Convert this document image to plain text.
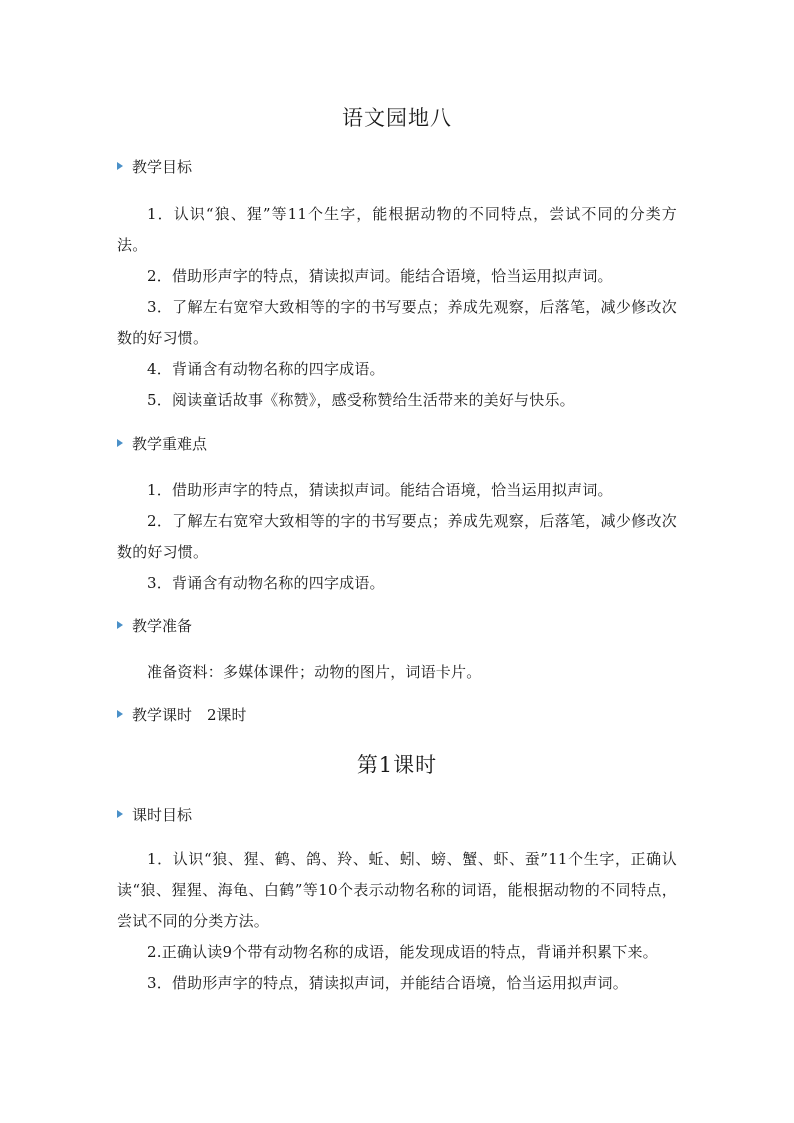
语文园地八
教学目标
1．认识“狼、猩”等11个生字，能根据动物的不同特点，尝试不同的分类方法。
2．借助形声字的特点，猜读拟声词。能结合语境，恰当运用拟声词。
3．了解左右宽窄大致相等的字的书写要点；养成先观察，后落笔，减少修改次数的好习惯。
4．背诵含有动物名称的四字成语。
5．阅读童话故事《称赞》，感受称赞给生活带来的美好与快乐。
教学重难点
1．借助形声字的特点，猜读拟声词。能结合语境，恰当运用拟声词。
2．了解左右宽窄大致相等的字的书写要点；养成先观察，后落笔，减少修改次数的好习惯。
3．背诵含有动物名称的四字成语。
教学准备
准备资料：多媒体课件；动物的图片，词语卡片。
教学课时　2课时
第1课时
课时目标
1．认识“狼、猩、鹤、鸽、羚、蚯、蚓、螃、蟹、虾、蚕”11个生字，正确认读“狼、猩猩、海龟、白鹤”等10个表示动物名称的词语，能根据动物的不同特点，尝试不同的分类方法。
2.正确认读9个带有动物名称的成语，能发现成语的特点，背诵并积累下来。
3．借助形声字的特点，猜读拟声词，并能结合语境，恰当运用拟声词。
